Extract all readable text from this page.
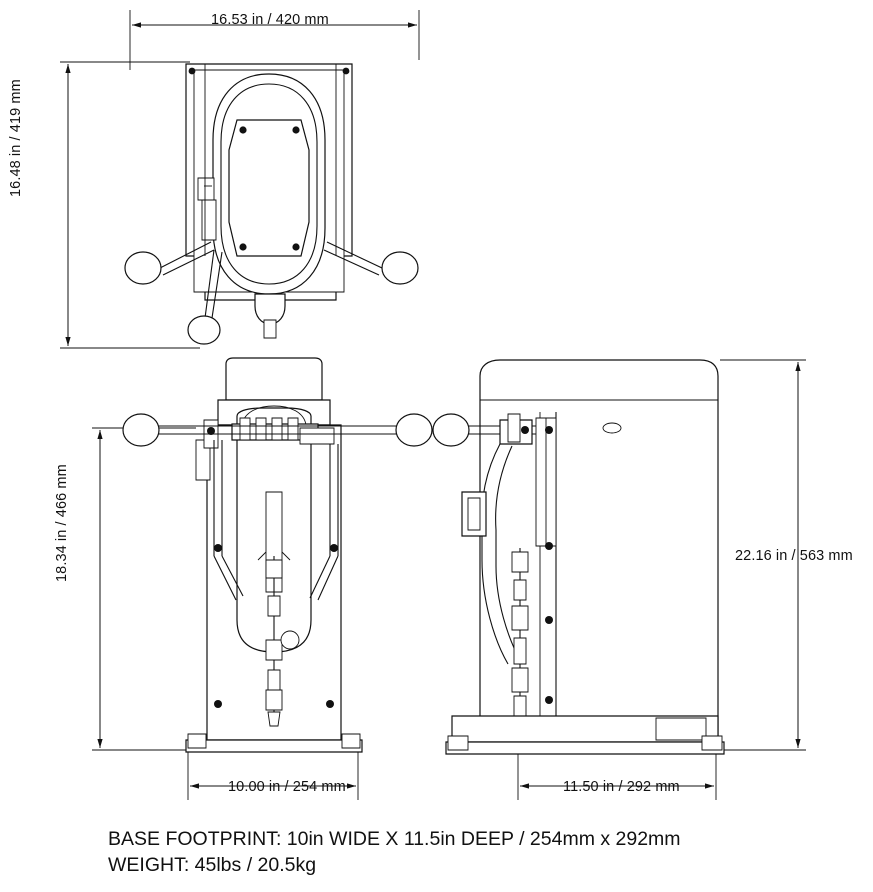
16.53 in / 420 mm
16.48 in / 419 mm
18.34 in / 466 mm
10.00 in / 254 mm
22.16 in / 563 mm
11.50 in / 292 mm
BASE FOOTPRINT: 10in WIDE X 11.5in DEEP / 254mm x 292mm
WEIGHT: 45lbs / 20.5kg
